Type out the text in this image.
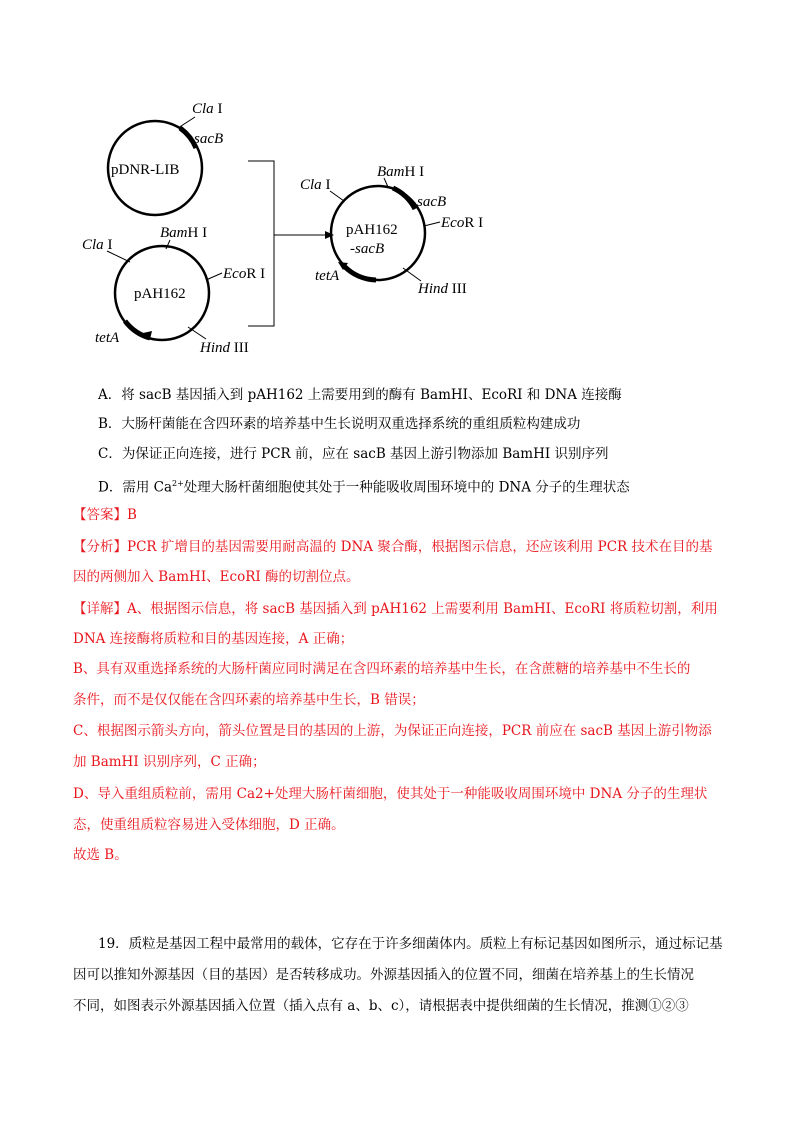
pDNR-LIB
Cla I
sacB
pAH162
Cla I
BamH I
EcoR I
tetA
Hind III
pAH162
-sacB
Cla I
BamH I
sacB
EcoR I
tetA
Hind III
A．将 sacB 基因插入到 pAH162 上需要用到的酶有 BamHI、EcoRI 和 DNA 连接酶
B．大肠杆菌能在含四环素的培养基中生长说明双重选择系统的重组质粒构建成功
C．为保证正向连接，进行 PCR 前，应在 sacB 基因上游引物添加 BamHI 识别序列
D．需用 $Ca^{2+}$处理大肠杆菌细胞使其处于一种能吸收周围环境中的 DNA 分子的生理状态
【答案】B
【分析】PCR 扩增目的基因需要用耐高温的 DNA 聚合酶，根据图示信息，还应该利用 PCR 技术在目的基
因的两侧加入 BamHI、EcoRI 酶的切割位点。
【详解】A、根据图示信息，将 sacB 基因插入到 pAH162 上需要利用 BamHI、EcoRI 将质粒切割，利用
DNA 连接酶将质粒和目的基因连接，A 正确；
B、具有双重选择系统的大肠杆菌应同时满足在含四环素的培养基中生长，在含蔗糖的培养基中不生长的
条件，而不是仅仅能在含四环素的培养基中生长，B 错误；
C、根据图示箭头方向，箭头位置是目的基因的上游，为保证正向连接，PCR 前应在 sacB 基因上游引物添
加 BamHI 识别序列，C 正确；
D、导入重组质粒前，需用 Ca2+处理大肠杆菌细胞，使其处于一种能吸收周围环境中 DNA 分子的生理状
态，使重组质粒容易进入受体细胞，D 正确。
故选 B。
19．质粒是基因工程中最常用的载体，它存在于许多细菌体内。质粒上有标记基因如图所示，通过标记基
因可以推知外源基因（目的基因）是否转移成功。外源基因插入的位置不同，细菌在培养基上的生长情况
不同，如图表示外源基因插入位置（插入点有 a、b、c），请根据表中提供细菌的生长情况，推测①②③
